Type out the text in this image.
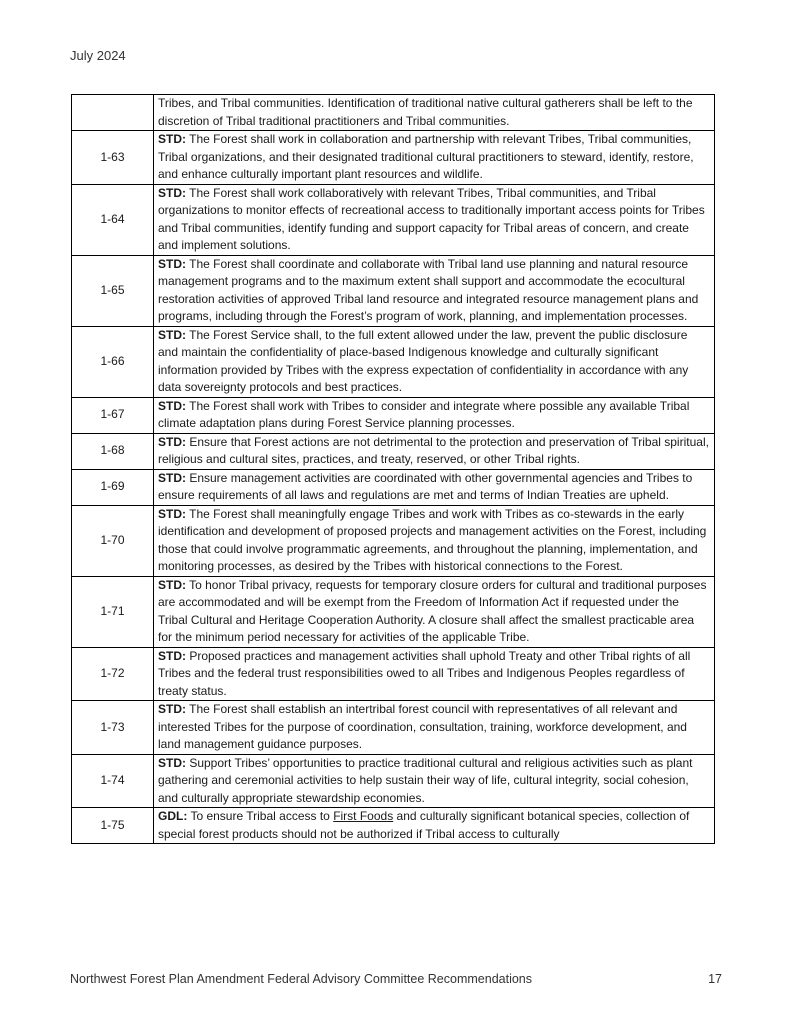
July 2024
	Tribes, and Tribal communities. Identification of traditional native cultural gatherers shall be left to the discretion of Tribal traditional practitioners and Tribal communities.
1-63	STD: The Forest shall work in collaboration and partnership with relevant Tribes, Tribal communities, Tribal organizations, and their designated traditional cultural practitioners to steward, identify, restore, and enhance culturally important plant resources and wildlife.
1-64	STD: The Forest shall work collaboratively with relevant Tribes, Tribal communities, and Tribal organizations to monitor effects of recreational access to traditionally important access points for Tribes and Tribal communities, identify funding and support capacity for Tribal areas of concern, and create and implement solutions.
1-65	STD: The Forest shall coordinate and collaborate with Tribal land use planning and natural resource management programs and to the maximum extent shall support and accommodate the ecocultural restoration activities of approved Tribal land resource and integrated resource management plans and programs, including through the Forest’s program of work, planning, and implementation processes.
1-66	STD: The Forest Service shall, to the full extent allowed under the law, prevent the public disclosure and maintain the confidentiality of place-based Indigenous knowledge and culturally significant information provided by Tribes with the express expectation of confidentiality in accordance with any data sovereignty protocols and best practices.
1-67	STD: The Forest shall work with Tribes to consider and integrate where possible any available Tribal climate adaptation plans during Forest Service planning processes.
1-68	STD: Ensure that Forest actions are not detrimental to the protection and preservation of Tribal spiritual, religious and cultural sites, practices, and treaty, reserved, or other Tribal rights.
1-69	STD: Ensure management activities are coordinated with other governmental agencies and Tribes to ensure requirements of all laws and regulations are met and terms of Indian Treaties are upheld.
1-70	STD: The Forest shall meaningfully engage Tribes and work with Tribes as co-stewards in the early identification and development of proposed projects and management activities on the Forest, including those that could involve programmatic agreements, and throughout the planning, implementation, and monitoring processes, as desired by the Tribes with historical connections to the Forest.
1-71	STD: To honor Tribal privacy, requests for temporary closure orders for cultural and traditional purposes are accommodated and will be exempt from the Freedom of Information Act if requested under the Tribal Cultural and Heritage Cooperation Authority. A closure shall affect the smallest practicable area for the minimum period necessary for activities of the applicable Tribe.
1-72	STD: Proposed practices and management activities shall uphold Treaty and other Tribal rights of all Tribes and the federal trust responsibilities owed to all Tribes and Indigenous Peoples regardless of treaty status.
1-73	STD: The Forest shall establish an intertribal forest council with representatives of all relevant and interested Tribes for the purpose of coordination, consultation, training, workforce development, and land management guidance purposes.
1-74	STD: Support Tribes’ opportunities to practice traditional cultural and religious activities such as plant gathering and ceremonial activities to help sustain their way of life, cultural integrity, social cohesion, and culturally appropriate stewardship economies.
1-75	GDL: To ensure Tribal access to First Foods and culturally significant botanical species, collection of special forest products should not be authorized if Tribal access to culturally
Northwest Forest Plan Amendment Federal Advisory Committee Recommendations	17
